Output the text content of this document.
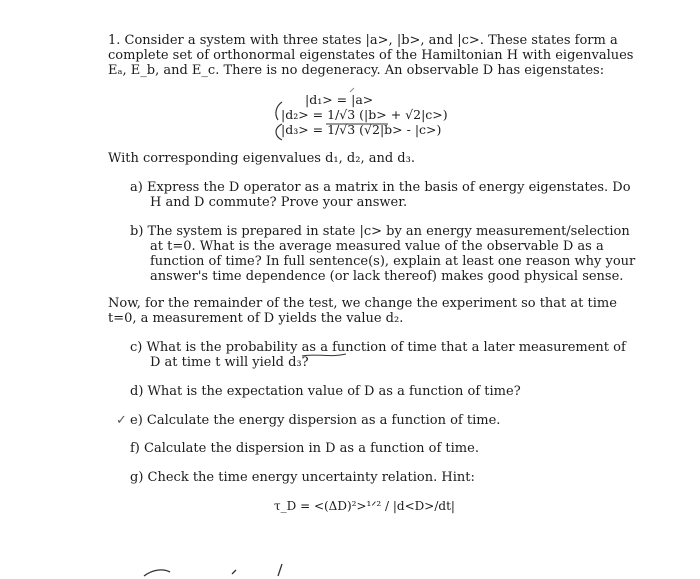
1. Consider a system with three states |a>, |b>, and |c>. These states form a
complete set of orthonormal eigenstates of the Hamiltonian H with eigenvalues
Eₐ, E_b, and E_c. There is no degeneracy. An observable D has eigenstates:
|d₁> = |a>
|d₂> = 1/√3 (|b> + √2|c>)
|d₃> = 1/√3 (√2|b> - |c>)
With corresponding eigenvalues d₁, d₂, and d₃.
a) Express the D operator as a matrix in the basis of energy eigenstates. Do
H and D commute? Prove your answer.
b) The system is prepared in state |c> by an energy measurement/selection
at t=0. What is the average measured value of the observable D as a
function of time? In full sentence(s), explain at least one reason why your
answer's time dependence (or lack thereof) makes good physical sense.
Now, for the remainder of the test, we change the experiment so that at time
t=0, a measurement of D yields the value d₂.
c) What is the probability as a function of time that a later measurement of
D at time t will yield d₃?
d) What is the expectation value of D as a function of time?
✓ e) Calculate the energy dispersion as a function of time.
f) Calculate the dispersion in D as a function of time.
g) Check the time energy uncertainty relation. Hint:
τ_D = <(ΔD)²>¹ᐟ² / |d<D>/dt|
